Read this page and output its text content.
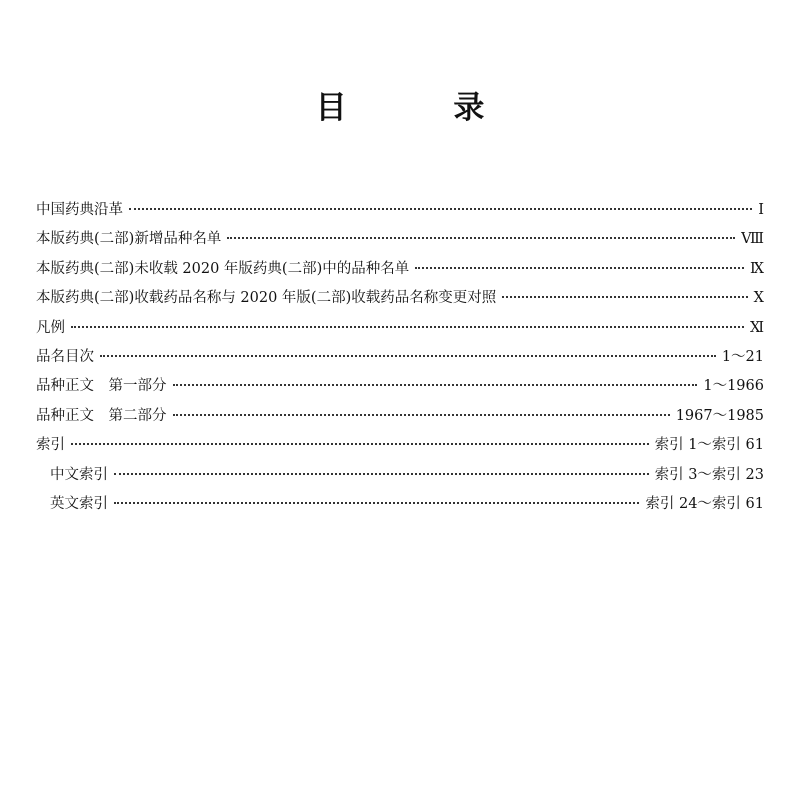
目 录
中国药典沿革	Ⅰ
本版药典(二部)新增品种名单	Ⅷ
本版药典(二部)未收载 2020 年版药典(二部)中的品种名单	Ⅸ
本版药典(二部)收载药品名称与 2020 年版(二部)收载药品名称变更对照	Ⅹ
凡例	Ⅺ
品名目次	1～21
品种正文　第一部分	1～1966
品种正文　第二部分	1967～1985
索引	索引 1～索引 61
中文索引	索引 3～索引 23
英文索引	索引 24～索引 61
